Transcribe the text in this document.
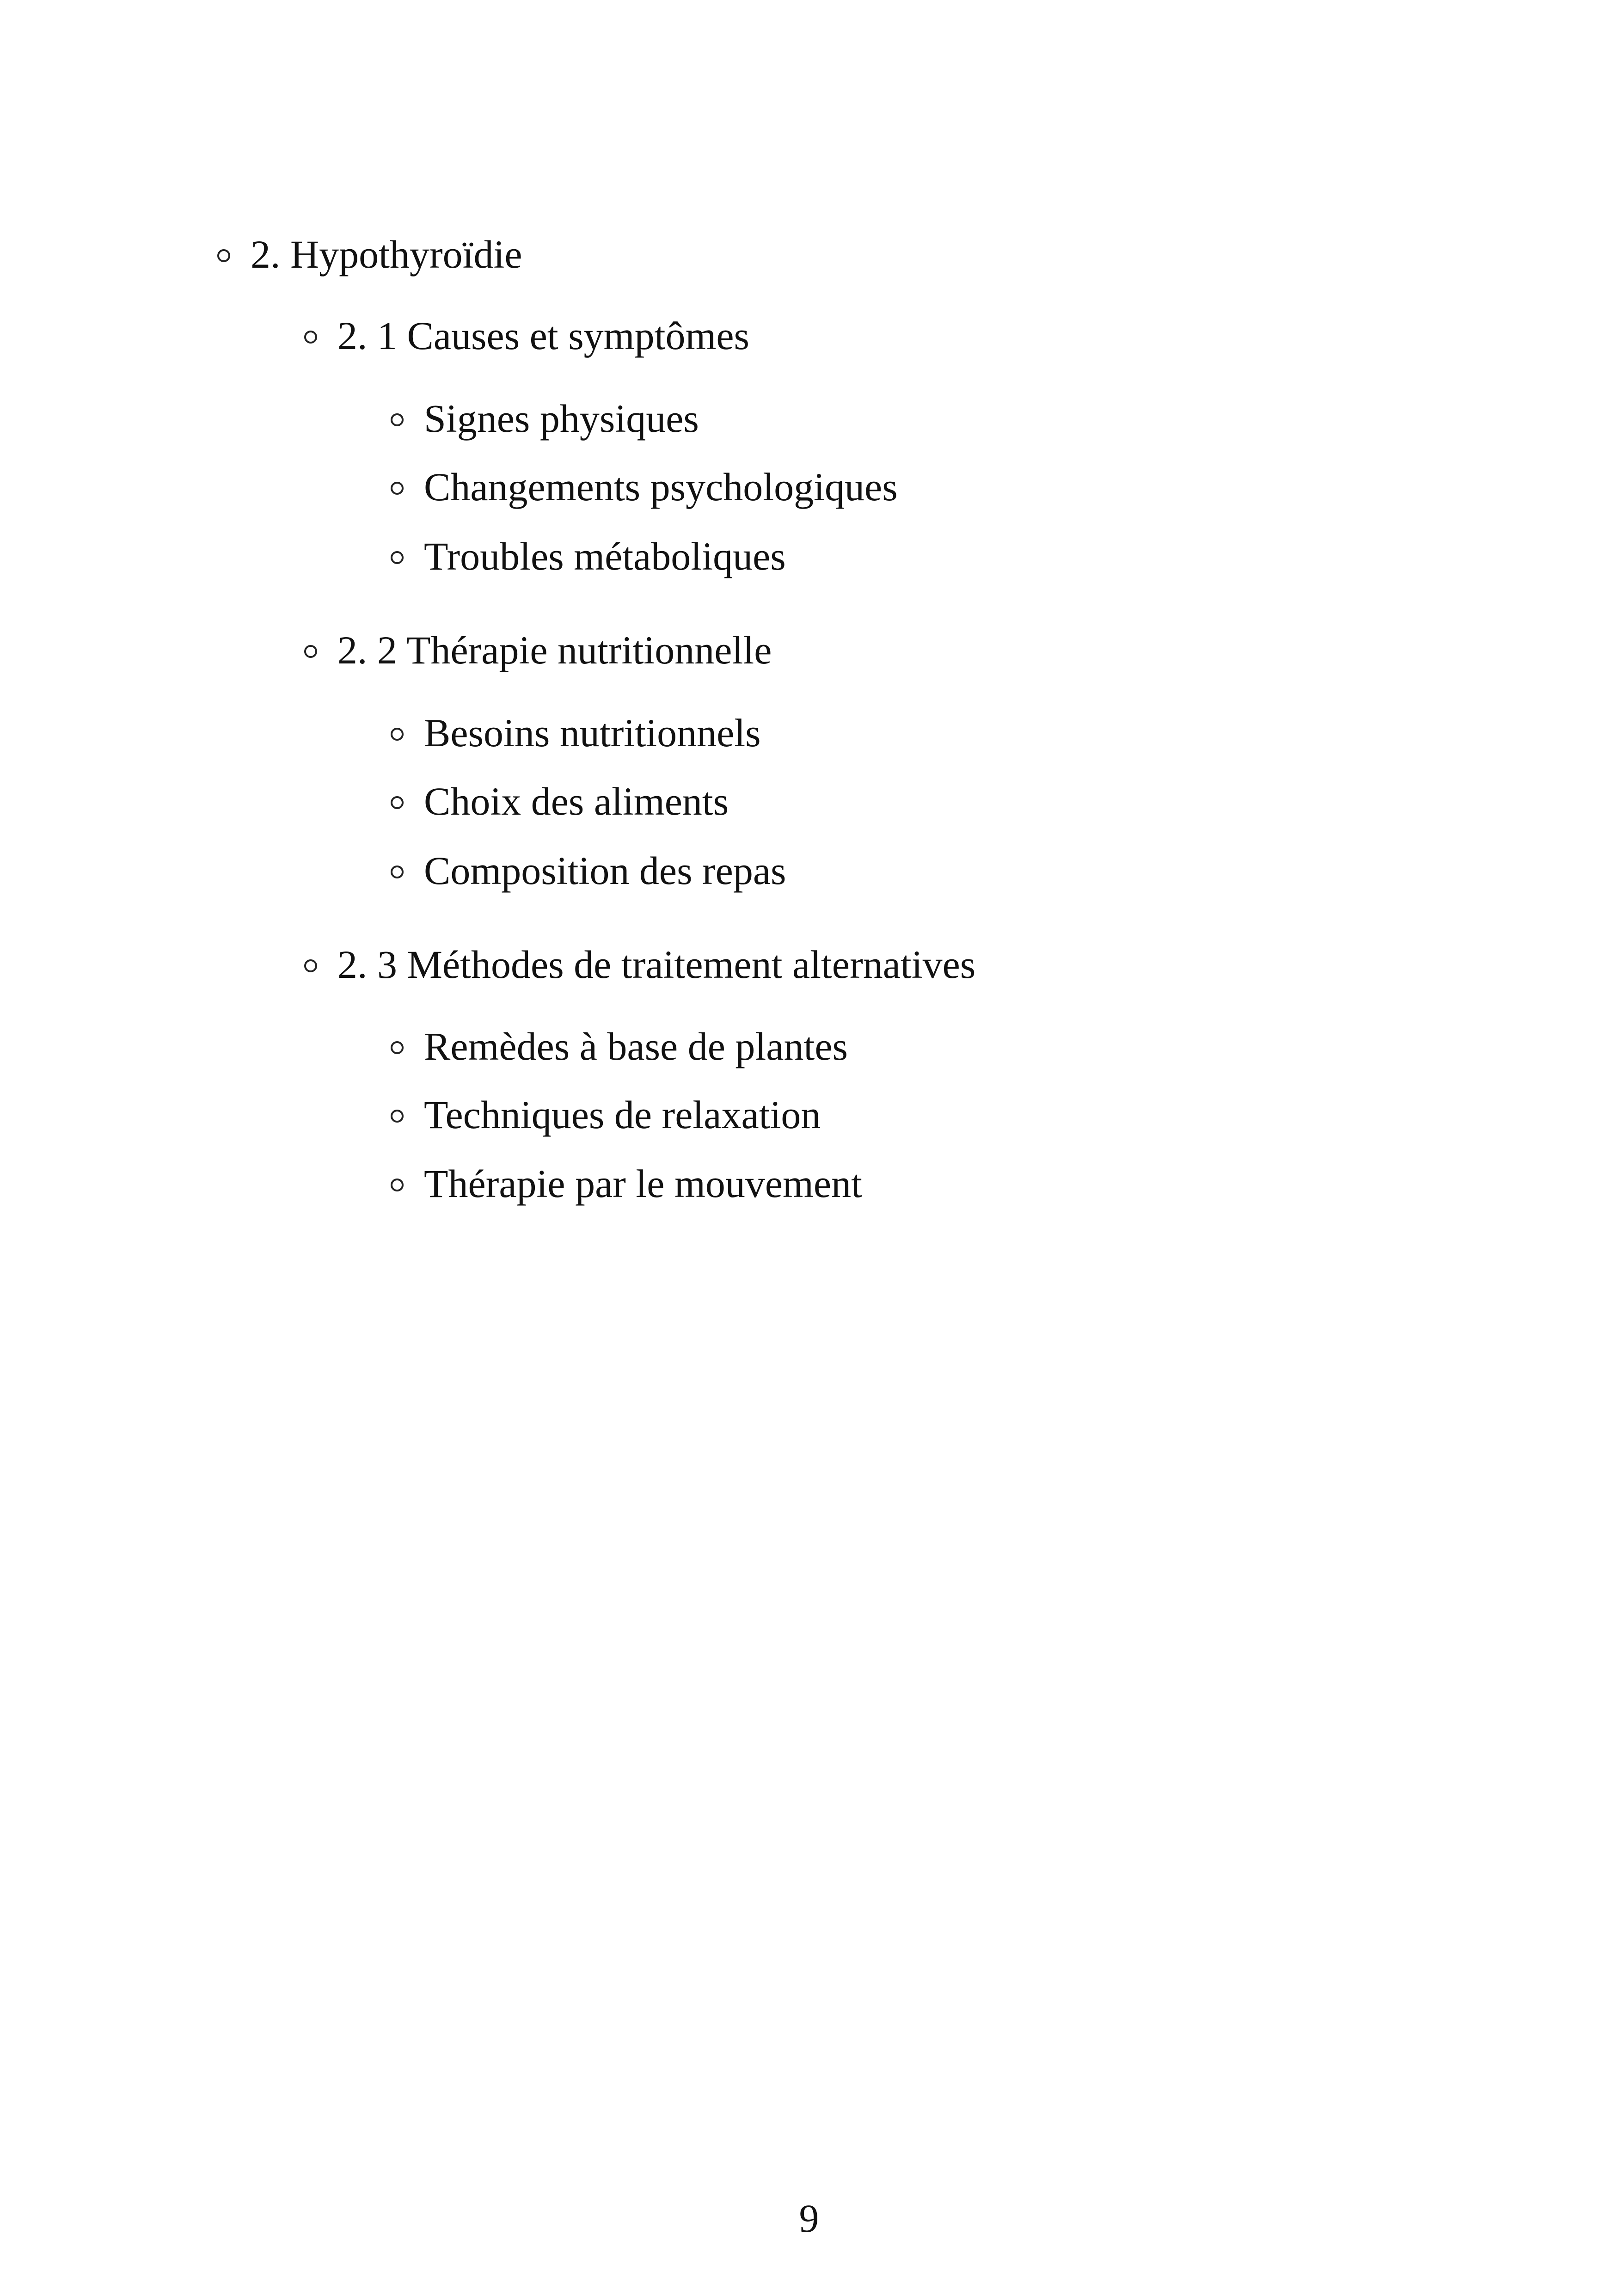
2. Hypothyroïdie
2. 1 Causes et symptômes
Signes physiques
Changements psychologiques
Troubles métaboliques
2. 2 Thérapie nutritionnelle
Besoins nutritionnels
Choix des aliments
Composition des repas
2. 3 Méthodes de traitement alternatives
Remèdes à base de plantes
Techniques de relaxation
Thérapie par le mouvement
9
